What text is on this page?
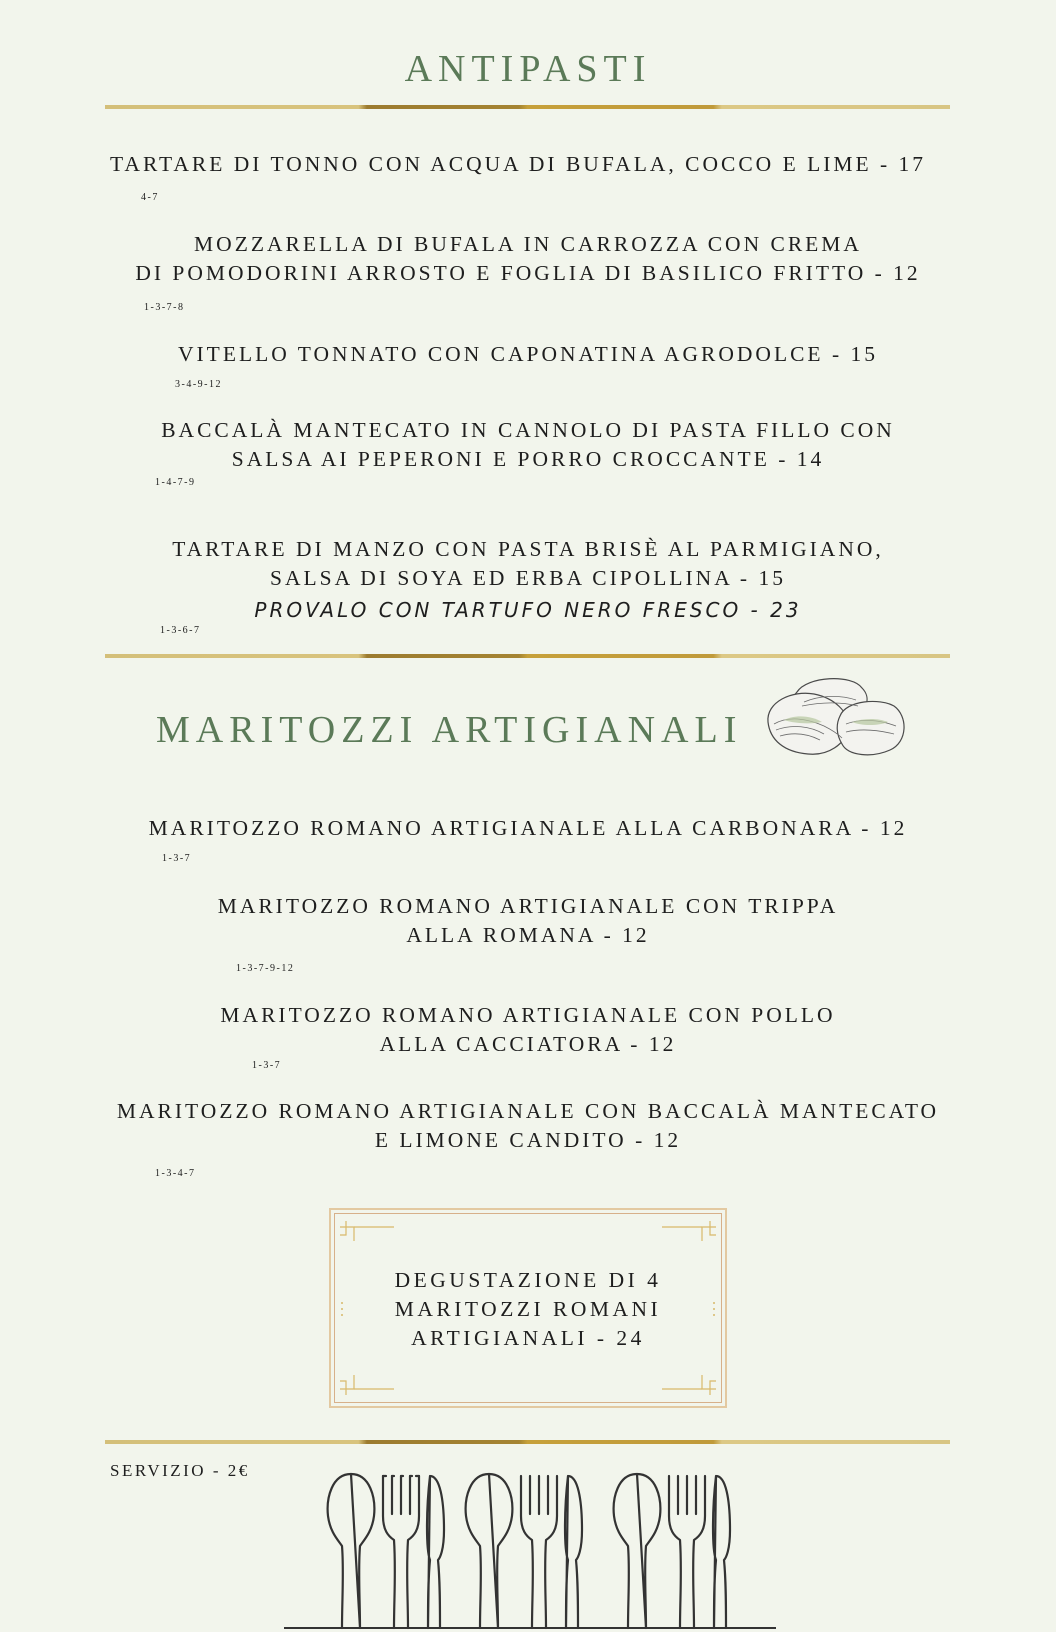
ANTIPASTI
TARTARE DI TONNO CON ACQUA DI BUFALA, COCCO E LIME - 17
4-7
MOZZARELLA DI BUFALA IN CARROZZA CON CREMA
DI POMODORINI ARROSTO E FOGLIA DI BASILICO FRITTO - 12
1-3-7-8
VITELLO TONNATO CON CAPONATINA AGRODOLCE - 15
3-4-9-12
BACCALÀ MANTECATO IN CANNOLO DI PASTA FILLO CON
SALSA AI PEPERONI E PORRO CROCCANTE - 14
1-4-7-9
TARTARE DI MANZO CON PASTA BRISÈ AL PARMIGIANO,
SALSA DI SOYA ED ERBA CIPOLLINA - 15
PROVALO CON TARTUFO NERO FRESCO - 23
1-3-6-7
MARITOZZI ARTIGIANALI
MARITOZZO ROMANO ARTIGIANALE ALLA CARBONARA - 12
1-3-7
MARITOZZO ROMANO ARTIGIANALE CON TRIPPA
ALLA ROMANA - 12
1-3-7-9-12
MARITOZZO ROMANO ARTIGIANALE CON POLLO
ALLA CACCIATORA - 12
1-3-7
MARITOZZO ROMANO ARTIGIANALE CON BACCALÀ MANTECATO
E LIMONE CANDITO - 12
1-3-4-7
DEGUSTAZIONE DI 4
MARITOZZI ROMANI
ARTIGIANALI - 24
SERVIZIO - 2€
